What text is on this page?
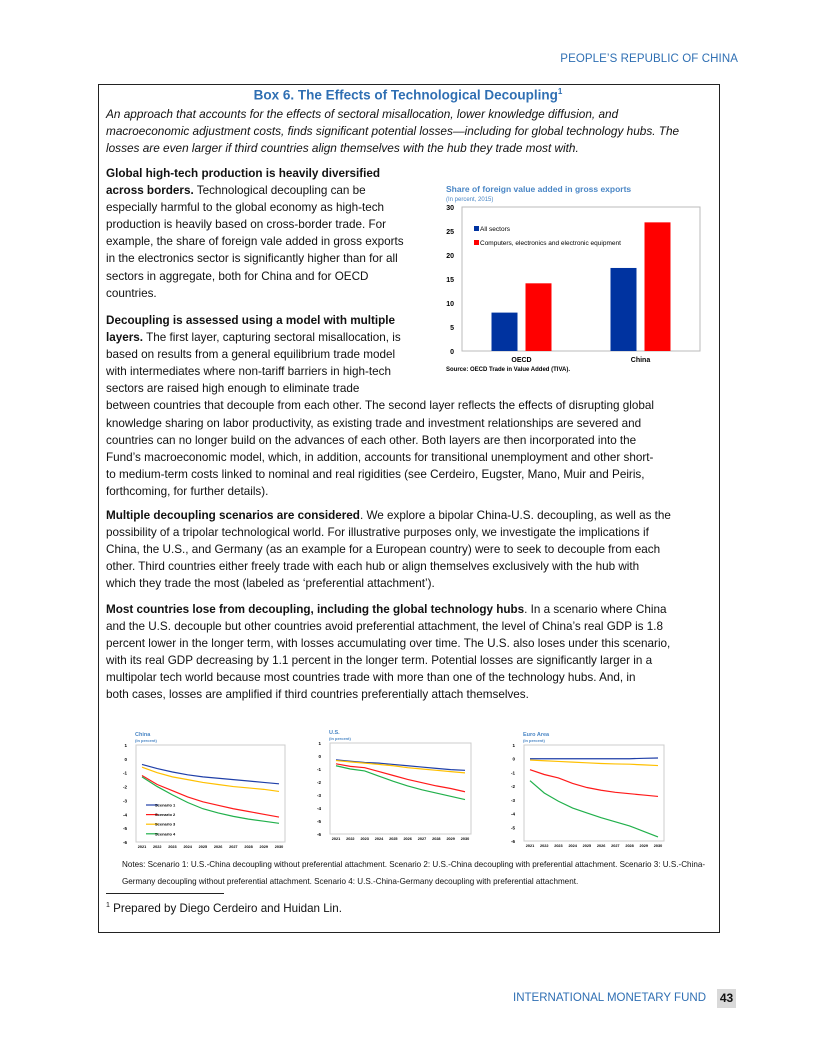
PEOPLE’S REPUBLIC OF CHINA
Box 6. The Effects of Technological Decoupling$^1$
An approach that accounts for the effects of sectoral misallocation, lower knowledge diffusion, and
macroeconomic adjustment costs, finds significant potential losses—including for global technology hubs. The
losses are even larger if third countries align themselves with the hub they trade most with.
Global high-tech production is heavily diversified
across borders. Technological decoupling can be
especially harmful to the global economy as high-tech
production is heavily based on cross-border trade. For
example, the share of foreign vale added in gross exports
in the electronics sector is significantly higher than for all
sectors in aggregate, both for China and for OECD
countries.
Decoupling is assessed using a model with multiple
layers. The first layer, capturing sectoral misallocation, is
based on results from a general equilibrium trade model
with intermediates where non-tariff barriers in high-tech
sectors are raised high enough to eliminate trade
between countries that decouple from each other. The second layer reflects the effects of disrupting global
knowledge sharing on labor productivity, as existing trade and investment relationships are severed and
countries can no longer build on the advances of each other. Both layers are then incorporated into the
Fund’s macroeconomic model, which, in addition, accounts for transitional unemployment and other short-
to medium-term costs linked to nominal and real rigidities (see Cerdeiro, Eugster, Mano, Muir and Peiris,
forthcoming, for further details).
Multiple decoupling scenarios are considered. We explore a bipolar China-U.S. decoupling, as well as the
possibility of a tripolar technological world. For illustrative purposes only, we investigate the implications if
China, the U.S., and Germany (as an example for a European country) were to seek to decouple from each
other. Third countries either freely trade with each hub or align themselves exclusively with the hub with
which they trade the most (labeled as ‘preferential attachment’).
Most countries lose from decoupling, including the global technology hubs. In a scenario where China
and the U.S. decouple but other countries avoid preferential attachment, the level of China’s real GDP is 1.8
percent lower in the longer term, with losses accumulating over time. The U.S. also loses under this scenario,
with its real GDP decreasing by 1.1 percent in the longer term. Potential losses are significantly larger in a
multipolar tech world because most countries trade with more than one of the technology hubs. And, in
both cases, losses are amplified if third countries preferentially attach themselves.
Share of foreign value added in gross exports
(In percent, 2015)
0
5
10
15
20
25
30
OECD	China
All sectors
Computers, electronics and electronic equipment
Source: OECD Trade in Value Added (TIVA).
China
(In percent)
1
0
-1
-2
-3
-4
-5
-6
2021 2022 2023 2024 2025 2026 2027 2028 2029 2030
Scenario 1
Scenario 2
Scenario 3
Scenario 4
U.S.
(In percent)
1
0
-1
-2
-3
-4
-5
-6
2021 2022 2023 2024 2025 2026 2027 2028 2029 2030
Euro Area
(In percent)
1
0
-1
-2
-3
-4
-5
-6
2021 2022 2023 2024 2025 2026 2027 2028 2029 2030
Notes: Scenario 1: U.S.-China decoupling without preferential attachment. Scenario 2: U.S.-China decoupling with preferential attachment. Scenario 3: U.S.-China-
Germany decoupling without preferential attachment. Scenario 4: U.S.-China-Germany decoupling with preferential attachment.
$^1$ Prepared by Diego Cerdeiro and Huidan Lin.
INTERNATIONAL MONETARY FUND 43
